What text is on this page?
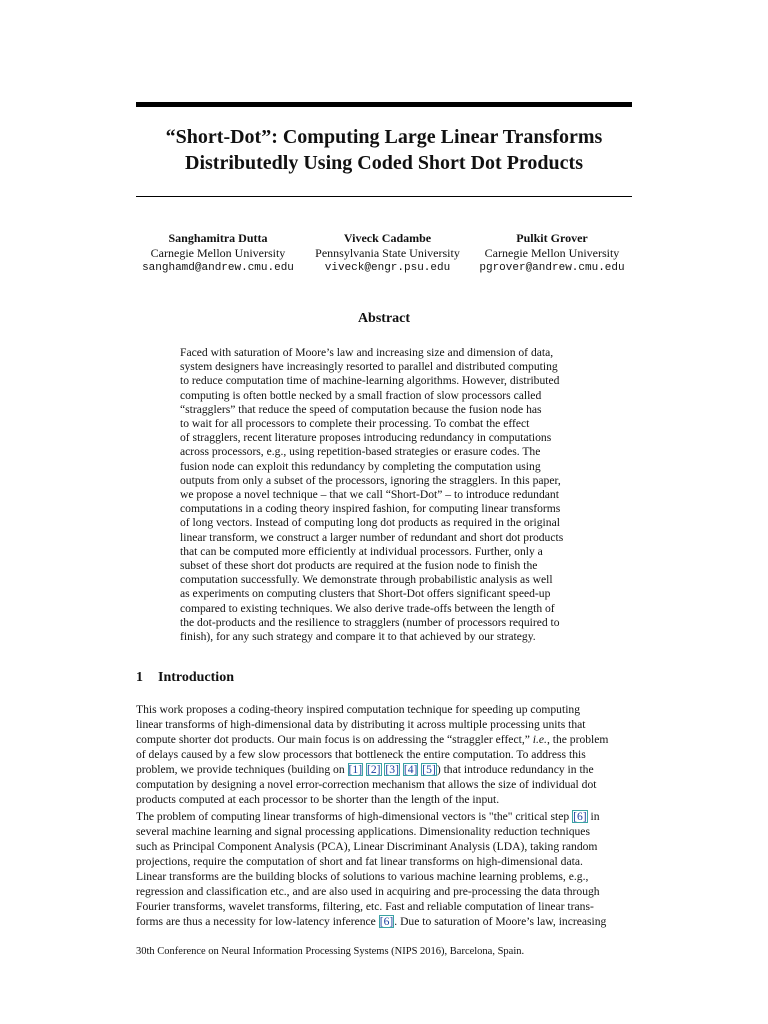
“Short-Dot”: Computing Large Linear Transforms
Distributedly Using Coded Short Dot Products
Sanghamitra Dutta
Carnegie Mellon University
sanghamd@andrew.cmu.edu
Viveck Cadambe
Pennsylvania State University
viveck@engr.psu.edu
Pulkit Grover
Carnegie Mellon University
pgrover@andrew.cmu.edu
Abstract

Faced with saturation of Moore’s law and increasing size and dimension of data,
system designers have increasingly resorted to parallel and distributed computing
to reduce computation time of machine-learning algorithms. However, distributed
computing is often bottle necked by a small fraction of slow processors called
“stragglers” that reduce the speed of computation because the fusion node has
to wait for all processors to complete their processing. To combat the effect
of stragglers, recent literature proposes introducing redundancy in computations
across processors, e.g., using repetition-based strategies or erasure codes. The
fusion node can exploit this redundancy by completing the computation using
outputs from only a subset of the processors, ignoring the stragglers. In this paper,
we propose a novel technique – that we call “Short-Dot” – to introduce redundant
computations in a coding theory inspired fashion, for computing linear transforms
of long vectors. Instead of computing long dot products as required in the original
linear transform, we construct a larger number of redundant and short dot products
that can be computed more efficiently at individual processors. Further, only a
subset of these short dot products are required at the fusion node to finish the
computation successfully. We demonstrate through probabilistic analysis as well
as experiments on computing clusters that Short-Dot offers significant speed-up
compared to existing techniques. We also derive trade-offs between the length of
the dot-products and the resilience to stragglers (number of processors required to
finish), for any such strategy and compare it to that achieved by our strategy.

1 Introduction

This work proposes a coding-theory inspired computation technique for speeding up computing
linear transforms of high-dimensional data by distributing it across multiple processing units that
compute shorter dot products. Our main focus is on addressing the “straggler effect,” i.e., the problem
of delays caused by a few slow processors that bottleneck the entire computation. To address this
problem, we provide techniques (building on [1] [2] [3] [4] [5]) that introduce redundancy in the
computation by designing a novel error-correction mechanism that allows the size of individual dot
products computed at each processor to be shorter than the length of the input.

The problem of computing linear transforms of high-dimensional vectors is "the" critical step [6] in
several machine learning and signal processing applications. Dimensionality reduction techniques
such as Principal Component Analysis (PCA), Linear Discriminant Analysis (LDA), taking random
projections, require the computation of short and fat linear transforms on high-dimensional data.
Linear transforms are the building blocks of solutions to various machine learning problems, e.g.,
regression and classification etc., and are also used in acquiring and pre-processing the data through
Fourier transforms, wavelet transforms, filtering, etc. Fast and reliable computation of linear trans-
forms are thus a necessity for low-latency inference [6]. Due to saturation of Moore’s law, increasing

30th Conference on Neural Information Processing Systems (NIPS 2016), Barcelona, Spain.
